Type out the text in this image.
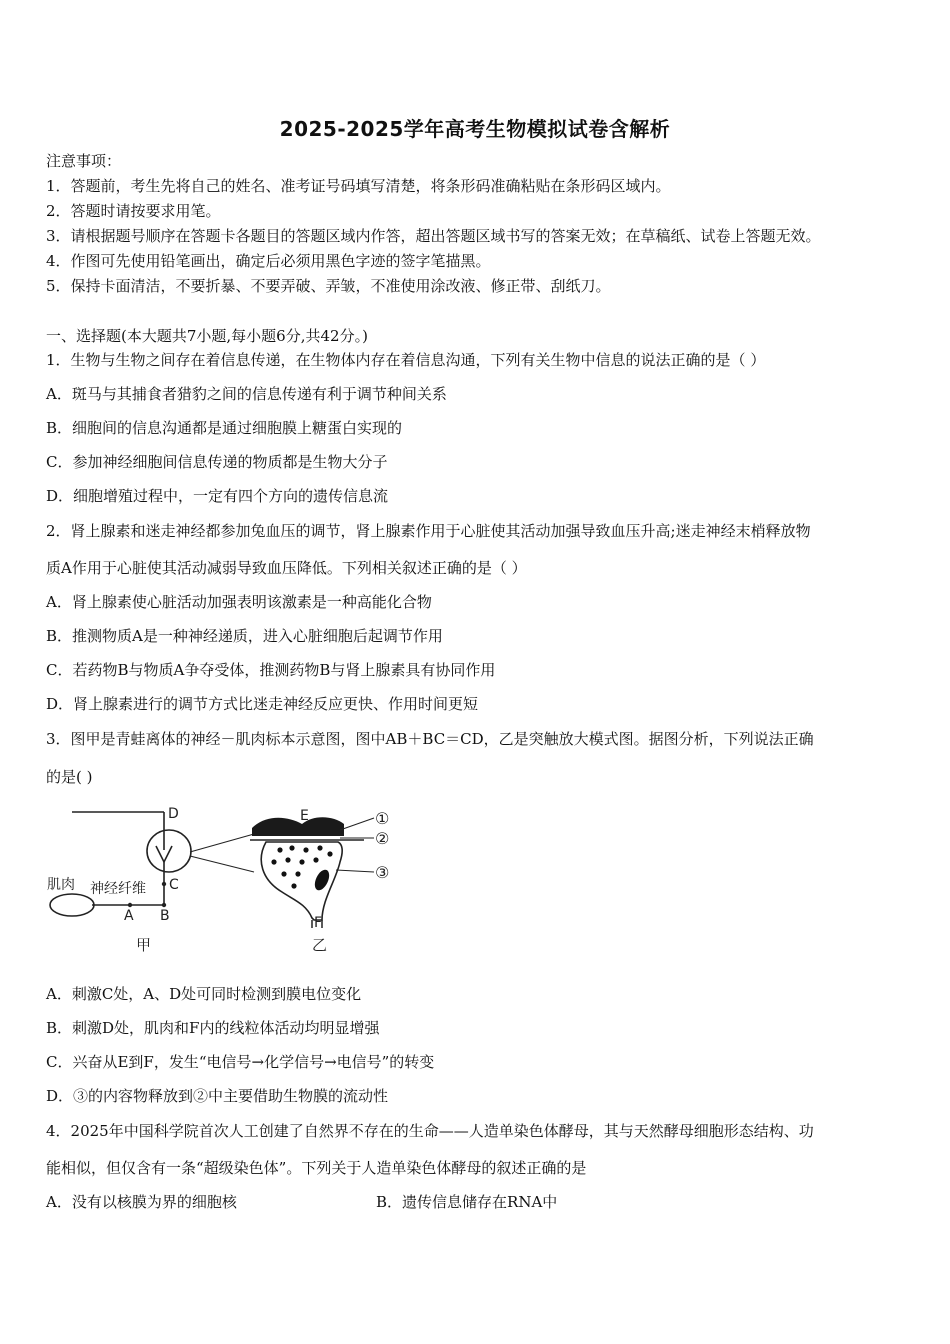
2025-2025学年高考生物模拟试卷含解析
注意事项：
1．答题前，考生先将自己的姓名、准考证号码填写清楚，将条形码准确粘贴在条形码区域内。
2．答题时请按要求用笔。
3．请根据题号顺序在答题卡各题目的答题区域内作答，超出答题区域书写的答案无效；在草稿纸、试卷上答题无效。
4．作图可先使用铅笔画出，确定后必须用黑色字迹的签字笔描黑。
5．保持卡面清洁，不要折暴、不要弄破、弄皱，不准使用涂改液、修正带、刮纸刀。
一、选择题(本大题共7小题,每小题6分,共42分。)
1．生物与生物之间存在着信息传递，在生物体内存在着信息沟通，下列有关生物中信息的说法正确的是（ ）
A．斑马与其捕食者猎豹之间的信息传递有利于调节种间关系
B．细胞间的信息沟通都是通过细胞膜上糖蛋白实现的
C．参加神经细胞间信息传递的物质都是生物大分子
D．细胞增殖过程中，一定有四个方向的遗传信息流
2．肾上腺素和迷走神经都参加兔血压的调节，肾上腺素作用于心脏使其活动加强导致血压升高;迷走神经末梢释放物
质A作用于心脏使其活动减弱导致血压降低。下列相关叙述正确的是（ ）
A．肾上腺素使心脏活动加强表明该激素是一种高能化合物
B．推测物质A是一种神经递质，进入心脏细胞后起调节作用
C．若药物B与物质A争夺受体，推测药物B与肾上腺素具有协同作用
D．肾上腺素进行的调节方式比迷走神经反应更快、作用时间更短
3．图甲是青蛙离体的神经－肌肉标本示意图，图中AB＋BC＝CD，乙是突触放大模式图。据图分析，下列说法正确
的是( )
D
肌肉 神经纤维 C
A B
甲
E	①
②
③
F
乙
A．刺激C处，A、D处可同时检测到膜电位变化
B．刺激D处，肌肉和F内的线粒体活动均明显增强
C．兴奋从E到F，发生“电信号→化学信号→电信号”的转变
D．③的内容物释放到②中主要借助生物膜的流动性
4．2025年中国科学院首次人工创建了自然界不存在的生命——人造单染色体酵母，其与天然酵母细胞形态结构、功
能相似，但仅含有一条“超级染色体”。下列关于人造单染色体酵母的叙述正确的是
A．没有以核膜为界的细胞核	B．遗传信息储存在RNA中
